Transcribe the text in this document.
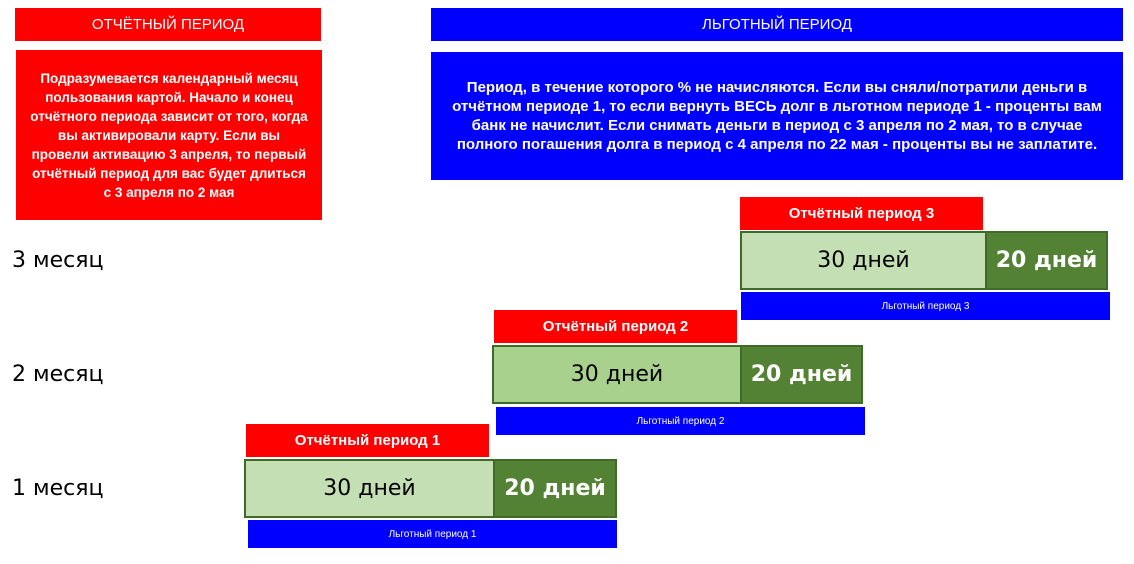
ОТЧЁТНЫЙ ПЕРИОД	ЛЬГОТНЫЙ ПЕРИОД
Подразумевается календарный месяц пользования картой. Начало и конец отчётного периода зависит от того, когда вы активировали карту. Если вы провели активацию 3 апреля, то первый отчётный период для вас будет длиться с 3 апреля по 2 мая
Период, в течение которого % не начисляются. Если вы сняли/потратили деньги в отчётном периоде 1, то если вернуть ВЕСЬ долг в льготном периоде 1 - проценты вам банк не начислит. Если снимать деньги в период с 3 апреля по 2 мая, то в случае полного погашения долга в период с 4 апреля по 22 мая - проценты вы не заплатите.
3 месяц
Отчётный период 3
30 дней	20 дней
Льготный период 3
2 месяц
Отчётный период 2
30 дней	20 дней
Льготный период 2
1 месяц
Отчётный период 1
30 дней	20 дней
Льготный период 1
